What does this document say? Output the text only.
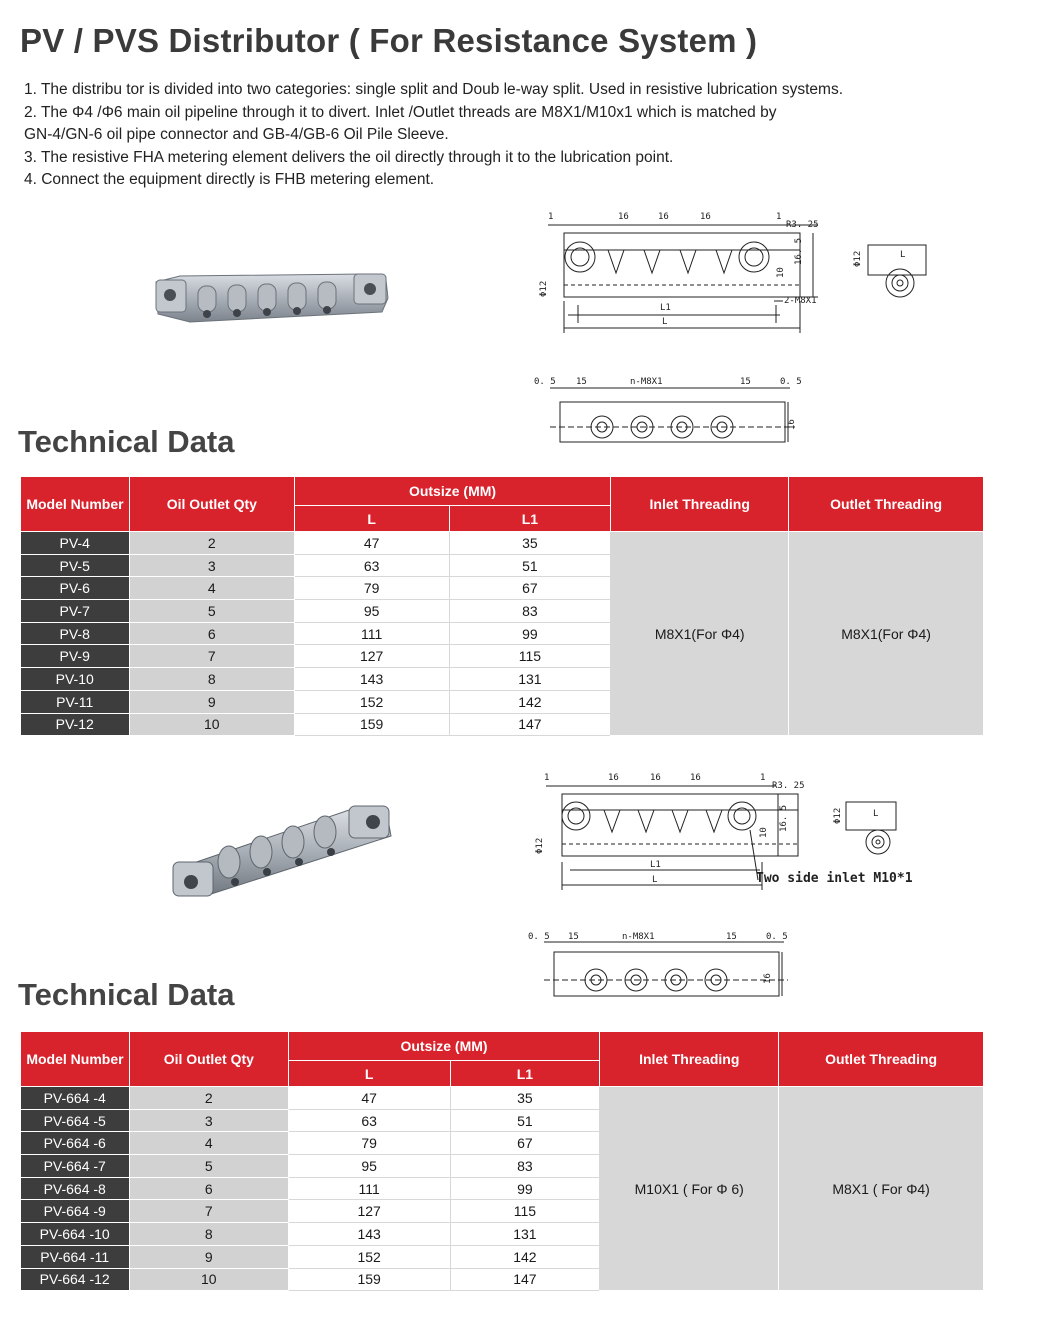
PV / PVS Distributor ( For Resistance System )

1. The distribu tor is divided into two categories: single split and Doub le-way split. Used in resistive lubrication systems.

2. The Φ4 /Φ6 main oil pipeline through it to divert. Inlet /Outlet threads are M8X1/M10x1 which is matched by

GN-4/GN-6 oil pipe connector and GB-4/GB-6 Oil Pile Sleeve.

3. The resistive FHA metering element delivers the oil directly through it to the lubrication point.

4. Connect the equipment directly is FHB metering element.

1	16	16	16	1
R3. 25
10
16. 5
Φ12
2-M8X1
L1
L
Φ12	L
0. 5 15	n-M8X1	15	0. 5
16
Technical Data
Model Number	Oil Outlet Qty	Outsize (MM)		Inlet Threading	Outlet Threading
		L	L1		
PV-4	2	47	35	M8X1(For Φ4)	M8X1(For Φ4)
PV-5	3	63	51		
PV-6	4	79	67		
PV-7	5	95	83		
PV-8	6	111	99		
PV-9	7	127	115		
PV-10	8	143	131		
PV-11	9	152	142		
PV-12	10	159	147		
1	16	16	16	1
R3. 25
10
16. 5
Φ12
Two side inlet M10*1
L1
L
Φ12	L
0. 5 15	n-M8X1	15	0. 5
16
Technical Data
Model Number	Oil Outlet Qty	Outsize (MM)		Inlet Threading	Outlet Threading
		L	L1		
PV-664 -4	2	47	35	M10X1 ( For Φ 6)	M8X1 ( For Φ4)
PV-664 -5	3	63	51		
PV-664 -6	4	79	67		
PV-664 -7	5	95	83		
PV-664 -8	6	111	99		
PV-664 -9	7	127	115		
PV-664 -10	8	143	131		
PV-664 -11	9	152	142		
PV-664 -12	10	159	147		
